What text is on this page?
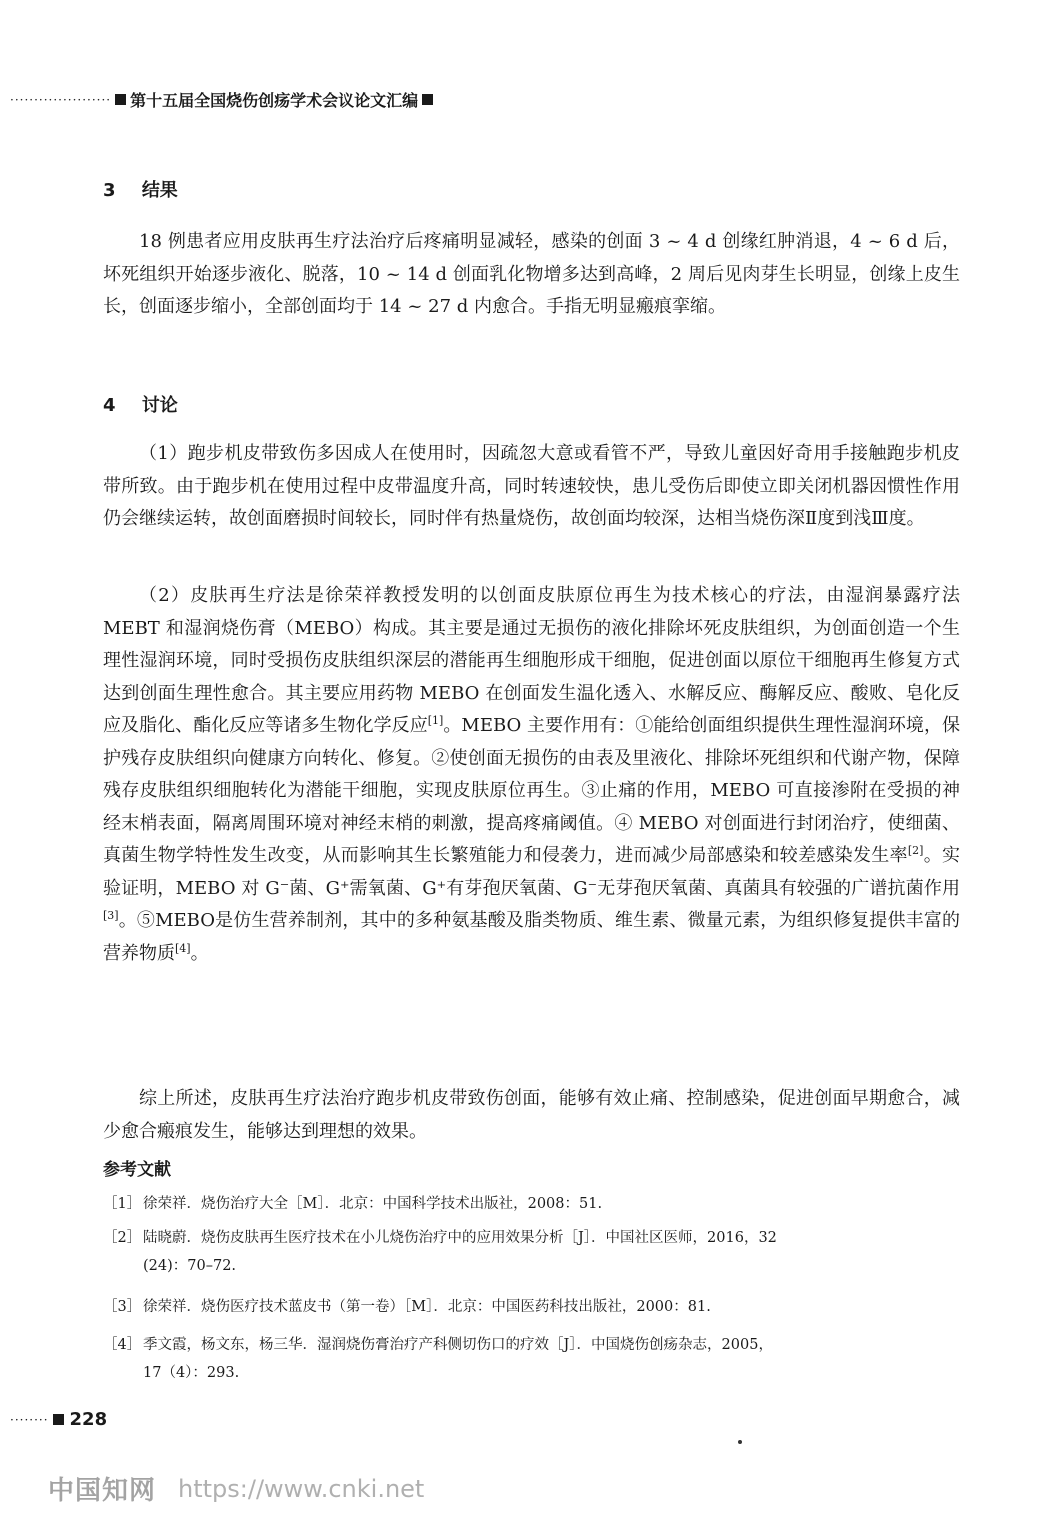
····················· 第十五届全国烧伤创疡学术会议论文汇编
3 结果

18 例患者应用皮肤再生疗法治疗后疼痛明显减轻，感染的创面 3 ~ 4 d 创缘红肿消退，4 ~ 6 d 后，坏死组织开始逐步液化、脱落，10 ~ 14 d 创面乳化物增多达到高峰，2 周后见肉芽生长明显，创缘上皮生长，创面逐步缩小，全部创面均于 14 ~ 27 d 内愈合。手指无明显瘢痕挛缩。

4 讨论

（1）跑步机皮带致伤多因成人在使用时，因疏忽大意或看管不严，导致儿童因好奇用手接触跑步机皮带所致。由于跑步机在使用过程中皮带温度升高，同时转速较快，患儿受伤后即使立即关闭机器因惯性作用仍会继续运转，故创面磨损时间较长，同时伴有热量烧伤，故创面均较深，达相当烧伤深Ⅱ度到浅Ⅲ度。

（2）皮肤再生疗法是徐荣祥教授发明的以创面皮肤原位再生为技术核心的疗法，由湿润暴露疗法 MEBT 和湿润烧伤膏（MEBO）构成。其主要是通过无损伤的液化排除坏死皮肤组织，为创面创造一个生理性湿润环境，同时受损伤皮肤组织深层的潜能再生细胞形成干细胞，促进创面以原位干细胞再生修复方式达到创面生理性愈合。其主要应用药物 MEBO 在创面发生温化透入、水解反应、酶解反应、酸败、皂化反应及脂化、酯化反应等诸多生物化学反应[1]。MEBO 主要作用有：①能给创面组织提供生理性湿润环境，保护残存皮肤组织向健康方向转化、修复。②使创面无损伤的由表及里液化、排除坏死组织和代谢产物，保障残存皮肤组织细胞转化为潜能干细胞，实现皮肤原位再生。③止痛的作用，MEBO 可直接渗附在受损的神经末梢表面，隔离周围环境对神经末梢的刺激，提高疼痛阈值。④ MEBO 对创面进行封闭治疗，使细菌、真菌生物学特性发生改变，从而影响其生长繁殖能力和侵袭力，进而减少局部感染和较差感染发生率[2]。实验证明，MEBO 对 G⁻菌、G⁺需氧菌、G⁺有芽孢厌氧菌、G⁻无芽孢厌氧菌、真菌具有较强的广谱抗菌作用[3]。⑤MEBO是仿生营养制剂，其中的多种氨基酸及脂类物质、维生素、微量元素，为组织修复提供丰富的营养物质[4]。

综上所述，皮肤再生疗法治疗跑步机皮带致伤创面，能够有效止痛、控制感染，促进创面早期愈合，减少愈合瘢痕发生，能够达到理想的效果。

参考文献

［1］ 徐荣祥．烧伤治疗大全［M］．北京：中国科学技术出版社，2008：51.

［2］ 陆晓蔚．烧伤皮肤再生医疗技术在小儿烧伤治疗中的应用效果分析［J］．中国社区医师，2016，32
(24)：70–72.

［3］ 徐荣祥．烧伤医疗技术蓝皮书（第一卷）［M］．北京：中国医药科技出版社，2000：81.

［4］ 季文霞，杨文东，杨三华．湿润烧伤膏治疗产科侧切伤口的疗效［J］．中国烧伤创疡杂志，2005，
17（4）：293.

········ 228
中国知网 https://www.cnki.net
